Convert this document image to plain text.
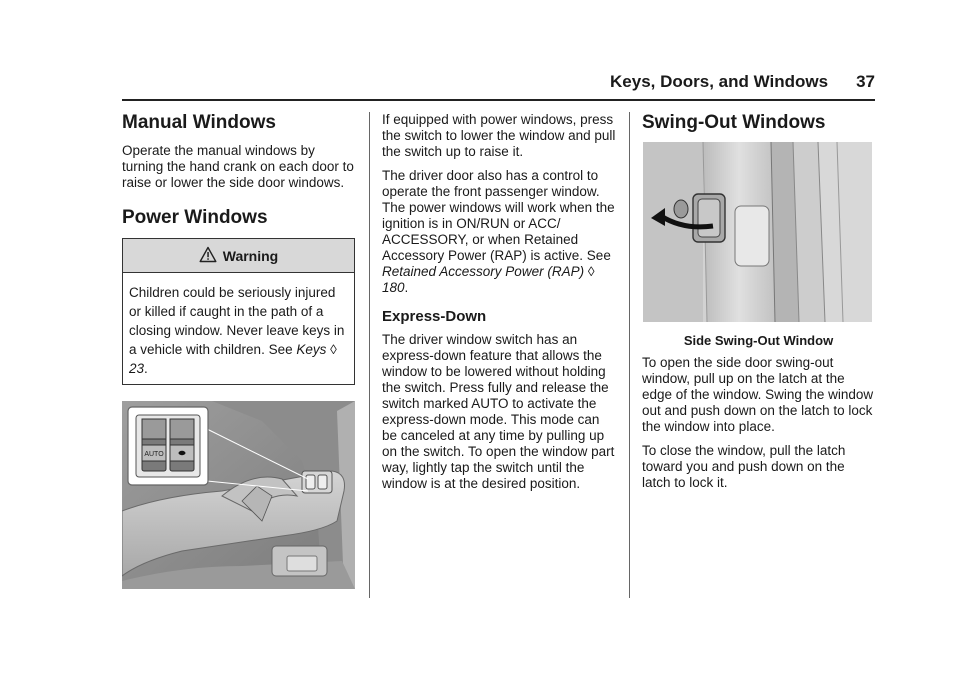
Keys, Doors, and Windows 37
Manual Windows

Operate the manual windows by turning the hand crank on each door to raise or lower the side door windows.

Power Windows
Warning

Children could be seriously injured or killed if caught in the path of a closing window. Never leave keys in a vehicle with children. See Keys ◊ 23.

AUTO

If equipped with power windows, press the switch to lower the window and pull the switch up to raise it.

The driver door also has a control to operate the front passenger window. The power windows will work when the ignition is in ON/RUN or ACC/ ACCESSORY, or when Retained Accessory Power (RAP) is active. See Retained Accessory Power (RAP) ◊ 180.

Express-Down

The driver window switch has an express-down feature that allows the window to be lowered without holding the switch. Press fully and release the switch marked AUTO to activate the express-down mode. This mode can be canceled at any time by pulling up on the switch. To open the window part way, lightly tap the switch until the window is at the desired position.

Swing-Out Windows
Side Swing-Out Window

To open the side door swing-out window, pull up on the latch at the edge of the window. Swing the window out and push down on the latch to lock the window into place.

To close the window, pull the latch toward you and push down on the latch to lock it.
